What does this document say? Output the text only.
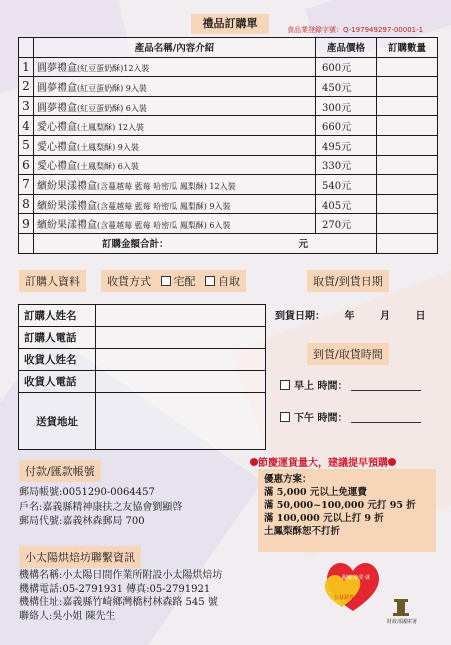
禮品訂購單	食品業登錄字號：Q-197949297-00001-1
	產品名稱/內容介紹	產品價格	訂購數量
1	圓夢禮盒(紅豆蛋奶酥)12入裝	600元	
2	圓夢禮盒(紅豆蛋奶酥) 9入裝	450元	
3	圓夢禮盒(紅豆蛋奶酥) 6入裝	300元	
4	愛心禮盒(土鳳梨酥) 12入裝	660元	
5	愛心禮盒(土鳳梨酥) 9入裝	495元	
6	愛心禮盒(土鳳梨酥) 6入裝	330元	
7	繽紛果漾禮盒(含蔓越莓 藍莓 哈密瓜 鳳梨酥) 12入裝	540元	
8	繽紛果漾禮盒(含蔓越莓 藍莓 哈密瓜 鳳梨酥) 9入裝	405元	
9	繽紛果漾禮盒(含蔓越莓 藍莓 哈密瓜 鳳梨酥) 6入裝	270元	
	訂購金額合計： 元		
訂購人資料	收貨方式 宅配 自取	取貨/到貨日期
訂購人姓名	
訂購人電話	
收貨人姓名	
收貨人電話	
送貨地址	
到貨日期： 年	月	日
到貨/取貨時間
早上 時間：
下午 時間：
付款/匯款帳號
郵局帳號:0051290-0064457
戶名:嘉義縣精神康扶之友協會劉顯啓
郵局代號:嘉義林森郵局 700
小太陽烘焙坊聯繫資訊
機構名稱:小太陽日間作業所附設小太陽烘焙坊
機構電話:05-2791931 傳真:05-2791921
機構住址:嘉義縣竹崎鄉灣橋村林森路 545 號
聯絡人:吳小姐 陳先生
節慶運貨量大，建議提早預購
優惠方案：
滿 5,000 元以上免運費
滿 50,000~100,000 元打 95 折
滿 100,000 元以上打 9 折
土鳳梨酥恕不打折
關懷‧給愛‧就
公益彩券
財政部國庫署
